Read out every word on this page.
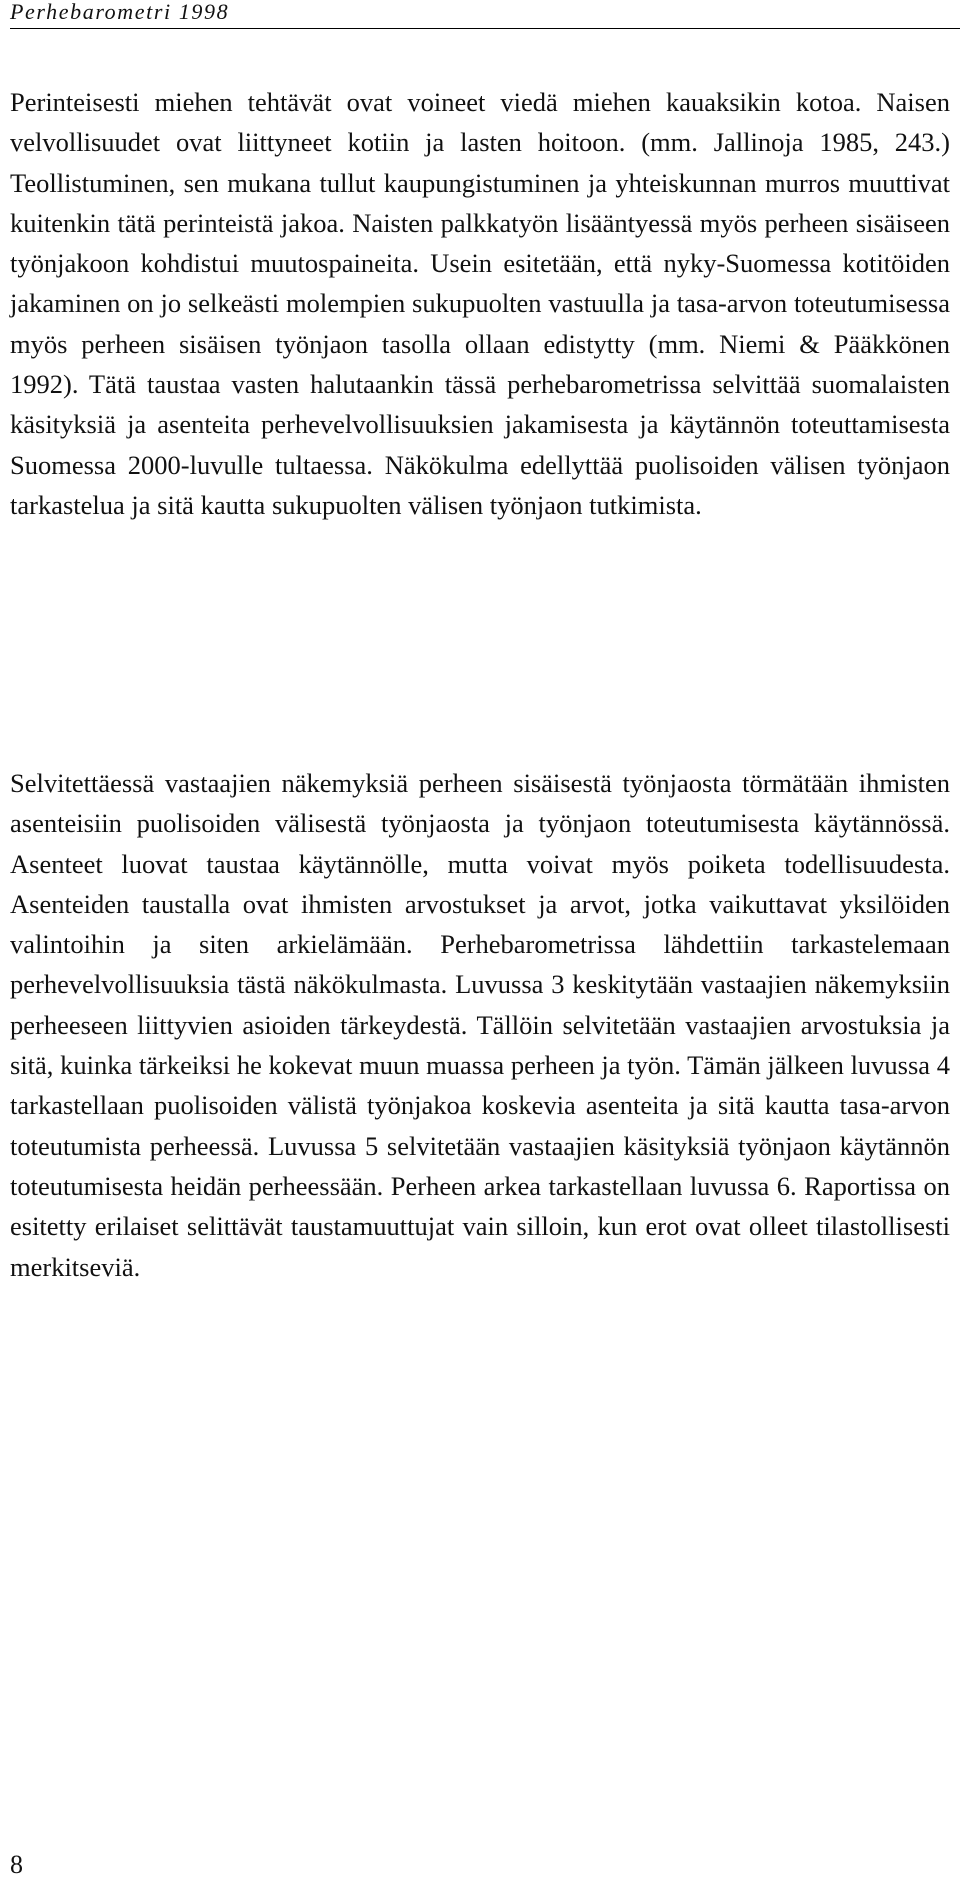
Perhebarometri 1998

Perinteisesti miehen tehtävät ovat voineet viedä miehen kauaksikin kotoa. Naisen velvollisuudet ovat liittyneet kotiin ja lasten hoitoon. (mm. Jallinoja 1985, 243.) Teollistuminen, sen mukana tullut kaupungistuminen ja yhteiskunnan murros muuttivat kuitenkin tätä perinteistä jakoa. Naisten palkkatyön lisääntyessä myös perheen sisäiseen työnjakoon kohdistui muutospaineita. Usein esitetään, että nyky-Suomessa kotitöiden jakaminen on jo selkeästi molempien sukupuolten vastuulla ja tasa-arvon toteutumisessa myös perheen sisäisen työnjaon tasolla ollaan edistytty (mm. Niemi & Pääkkönen 1992). Tätä taustaa vasten halutaankin tässä perhebarometrissa selvittää suomalaisten käsityksiä ja asenteita perhevelvollisuuksien jakamisesta ja käytännön toteuttamisesta Suomessa 2000-luvulle tultaessa. Näkökulma edellyttää puolisoiden välisen työnjaon tarkastelua ja sitä kautta sukupuolten välisen työnjaon tutkimista.

Selvitettäessä vastaajien näkemyksiä perheen sisäisestä työnjaosta törmätään ihmisten asenteisiin puolisoiden välisestä työnjaosta ja työnjaon toteutumisesta käytännössä. Asenteet luovat taustaa käytännölle, mutta voivat myös poiketa todellisuudesta. Asenteiden taustalla ovat ihmisten arvostukset ja arvot, jotka vaikuttavat yksilöiden valintoihin ja siten arkielämään. Perhebarometrissa lähdettiin tarkastelemaan perhevelvollisuuksia tästä näkökulmasta. Luvussa 3 keskitytään vastaajien näkemyksiin perheeseen liittyvien asioiden tärkeydestä. Tällöin selvitetään vastaajien arvostuksia ja sitä, kuinka tärkeiksi he kokevat muun muassa perheen ja työn. Tämän jälkeen luvussa 4 tarkastellaan puolisoiden välistä työnjakoa koskevia asenteita ja sitä kautta tasa-arvon toteutumista perheessä. Luvussa 5 selvitetään vastaajien käsityksiä työnjaon käytännön toteutumisesta heidän perheessään. Perheen arkea tarkastellaan luvussa 6. Raportissa on esitetty erilaiset selittävät taustamuuttujat vain silloin, kun erot ovat olleet tilastollisesti merkitseviä.

8
